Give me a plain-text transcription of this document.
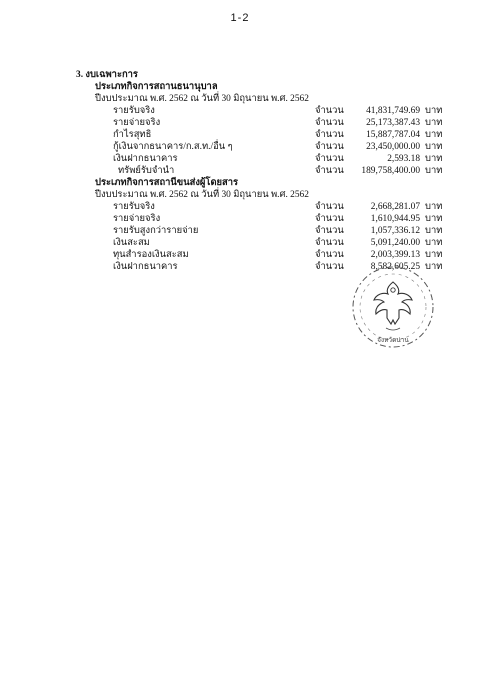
1-2
3. งบเฉพาะการ
ประเภทกิจการสถานธนานุบาล
ปีงบประมาณ พ.ศ. 2562 ณ วันที่ 30 มิถุนายน พ.ศ. 2562
รายรับจริง	จำนวน	41,831,749.69 บาท
รายจ่ายจริง	จำนวน	25,173,387.43 บาท
กำไรสุทธิ	จำนวน	15,887,787.04 บาท
กู้เงินจากธนาคาร/ก.ส.ท./อื่น ๆ	จำนวน	23,450,000.00 บาท
เงินฝากธนาคาร	จำนวน	2,593.18 บาท
ทรัพย์รับจำนำ	จำนวน	189,758,400.00 บาท
ประเภทกิจการสถานีขนส่งผู้โดยสาร
ปีงบประมาณ พ.ศ. 2562 ณ วันที่ 30 มิถุนายน พ.ศ. 2562
รายรับจริง	จำนวน	2,668,281.07 บาท
รายจ่ายจริง	จำนวน	1,610,944.95 บาท
รายรับสูงกว่ารายจ่าย	จำนวน	1,057,336.12 บาท
เงินสะสม	จำนวน	5,091,240.00 บาท
ทุนสำรองเงินสะสม	จำนวน	2,003,399.13 บาท
เงินฝากธนาคาร	จำนวน	8,582,605.25 บาท
จังหวัดน่าน
